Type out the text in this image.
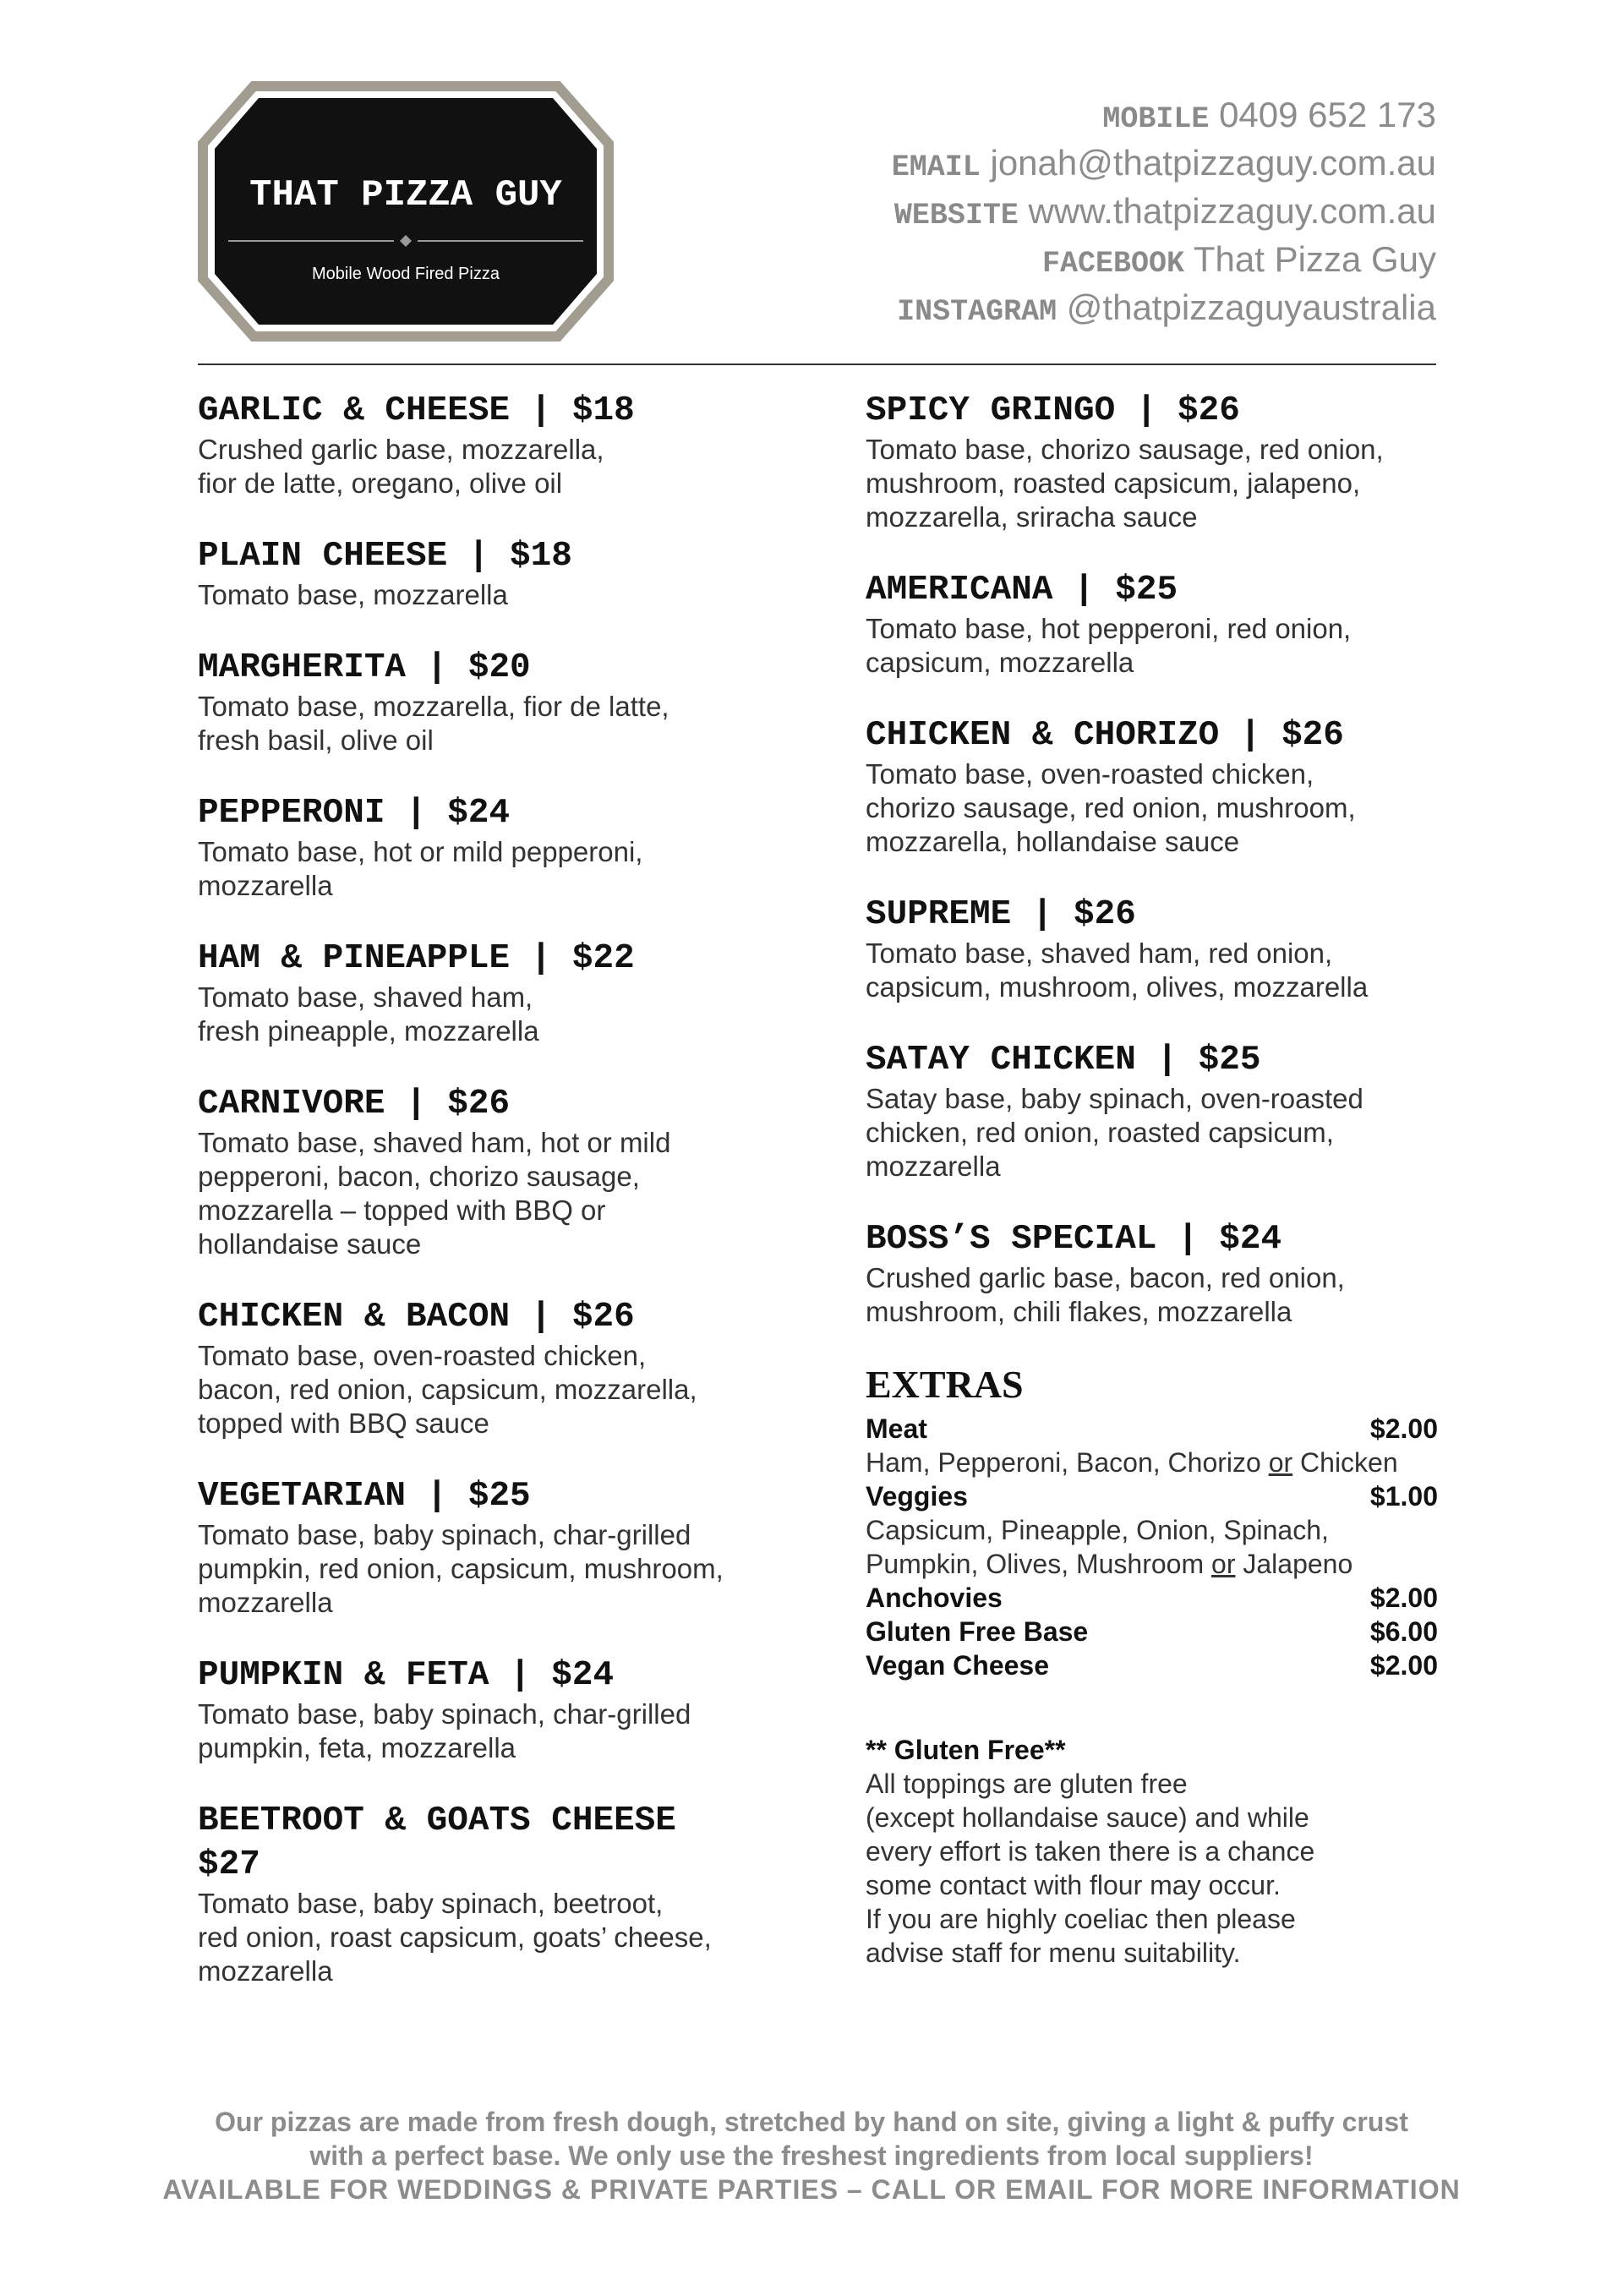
THAT PIZZA GUY
Mobile Wood Fired Pizza
MOBILE 0409 652 173
EMAIL jonah@thatpizzaguy.com.au
WEBSITE www.thatpizzaguy.com.au
FACEBOOK That Pizza Guy
INSTAGRAM @thatpizzaguyaustralia
GARLIC & CHEESE | $18
Crushed garlic base, mozzarella,
fior de latte, oregano, olive oil
PLAIN CHEESE | $18
Tomato base, mozzarella
MARGHERITA | $20
Tomato base, mozzarella, fior de latte,
fresh basil, olive oil
PEPPERONI | $24
Tomato base, hot or mild pepperoni,
mozzarella
HAM & PINEAPPLE | $22
Tomato base, shaved ham,
fresh pineapple, mozzarella
CARNIVORE | $26
Tomato base, shaved ham, hot or mild
pepperoni, bacon, chorizo sausage,
mozzarella – topped with BBQ or
hollandaise sauce
CHICKEN & BACON | $26
Tomato base, oven-roasted chicken,
bacon, red onion, capsicum, mozzarella,
topped with BBQ sauce
VEGETARIAN | $25
Tomato base, baby spinach, char-grilled
pumpkin, red onion, capsicum, mushroom,
mozzarella
PUMPKIN & FETA | $24
Tomato base, baby spinach, char-grilled
pumpkin, feta, mozzarella
BEETROOT & GOATS CHEESE
$27
Tomato base, baby spinach, beetroot,
red onion, roast capsicum, goats’ cheese,
mozzarella
SPICY GRINGO | $26
Tomato base, chorizo sausage, red onion,
mushroom, roasted capsicum, jalapeno,
mozzarella, sriracha sauce
AMERICANA | $25
Tomato base, hot pepperoni, red onion,
capsicum, mozzarella
CHICKEN & CHORIZO | $26
Tomato base, oven-roasted chicken,
chorizo sausage, red onion, mushroom,
mozzarella, hollandaise sauce
SUPREME | $26
Tomato base, shaved ham, red onion,
capsicum, mushroom, olives, mozzarella
SATAY CHICKEN | $25
Satay base, baby spinach, oven-roasted
chicken, red onion, roasted capsicum,
mozzarella
BOSS’S SPECIAL | $24
Crushed garlic base, bacon, red onion,
mushroom, chili flakes, mozzarella
EXTRAS
Meat	$2.00
Ham, Pepperoni, Bacon, Chorizo or Chicken
Veggies	$1.00
Capsicum, Pineapple, Onion, Spinach,
Pumpkin, Olives, Mushroom or Jalapeno
Anchovies	$2.00
Gluten Free Base	$6.00
Vegan Cheese	$2.00
** Gluten Free**
All toppings are gluten free
(except hollandaise sauce) and while
every effort is taken there is a chance
some contact with flour may occur.
If you are highly coeliac then please
advise staff for menu suitability.
Our pizzas are made from fresh dough, stretched by hand on site, giving a light & puffy crust
with a perfect base. We only use the freshest ingredients from local suppliers!
AVAILABLE FOR WEDDINGS & PRIVATE PARTIES – CALL OR EMAIL FOR MORE INFORMATION
